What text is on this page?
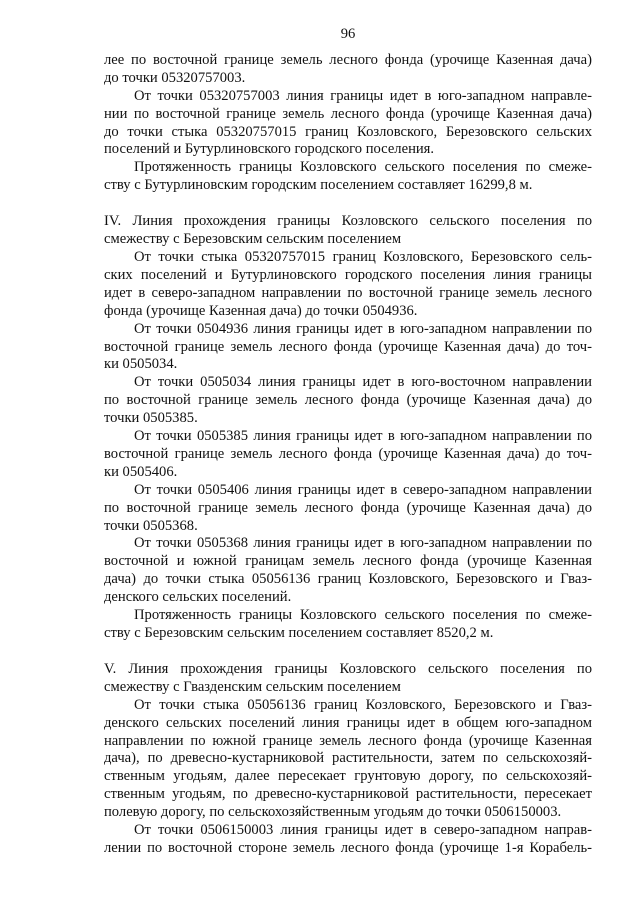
96

лее по восточной границе земель лесного фонда (урочище Казенная дача)
до точки 05320757003.

От точки 05320757003 линия границы идет в юго-западном направле-
нии по восточной границе земель лесного фонда (урочище Казенная дача)
до точки стыка 05320757015 границ Козловского, Березовского сельских
поселений и Бутурлиновского городского поселения.

Протяженность границы Козловского сельского поселения по смеже-
ству с Бутурлиновским городским поселением составляет 16299,8 м.

IV. Линия прохождения границы Козловского сельского поселения по
смежеству с Березовским сельским поселением

От точки стыка 05320757015 границ Козловского, Березовского сель-
ских поселений и Бутурлиновского городского поселения линия границы
идет в северо-западном направлении по восточной границе земель лесного
фонда (урочище Казенная дача) до точки 0504936.

От точки 0504936 линия границы идет в юго-западном направлении по
восточной границе земель лесного фонда (урочище Казенная дача) до точ-
ки 0505034.

От точки 0505034 линия границы идет в юго-восточном направлении
по восточной границе земель лесного фонда (урочище Казенная дача) до
точки 0505385.

От точки 0505385 линия границы идет в юго-западном направлении по
восточной границе земель лесного фонда (урочище Казенная дача) до точ-
ки 0505406.

От точки 0505406 линия границы идет в северо-западном направлении
по восточной границе земель лесного фонда (урочище Казенная дача) до
точки 0505368.

От точки 0505368 линия границы идет в юго-западном направлении по
восточной и южной границам земель лесного фонда (урочище Казенная
дача) до точки стыка 05056136 границ Козловского, Березовского и Гваз-
денского сельских поселений.

Протяженность границы Козловского сельского поселения по смеже-
ству с Березовским сельским поселением составляет 8520,2 м.

V. Линия прохождения границы Козловского сельского поселения по
смежеству с Гвазденским сельским поселением

От точки стыка 05056136 границ Козловского, Березовского и Гваз-
денского сельских поселений линия границы идет в общем юго-западном
направлении по южной границе земель лесного фонда (урочище Казенная
дача), по древесно-кустарниковой растительности, затем по сельскохозяй-
ственным угодьям, далее пересекает грунтовую дорогу, по сельскохозяй-
ственным угодьям, по древесно-кустарниковой растительности, пересекает
полевую дорогу, по сельскохозяйственным угодьям до точки 0506150003.

От точки 0506150003 линия границы идет в северо-западном направ-
лении по восточной стороне земель лесного фонда (урочище 1-я Корабель-
